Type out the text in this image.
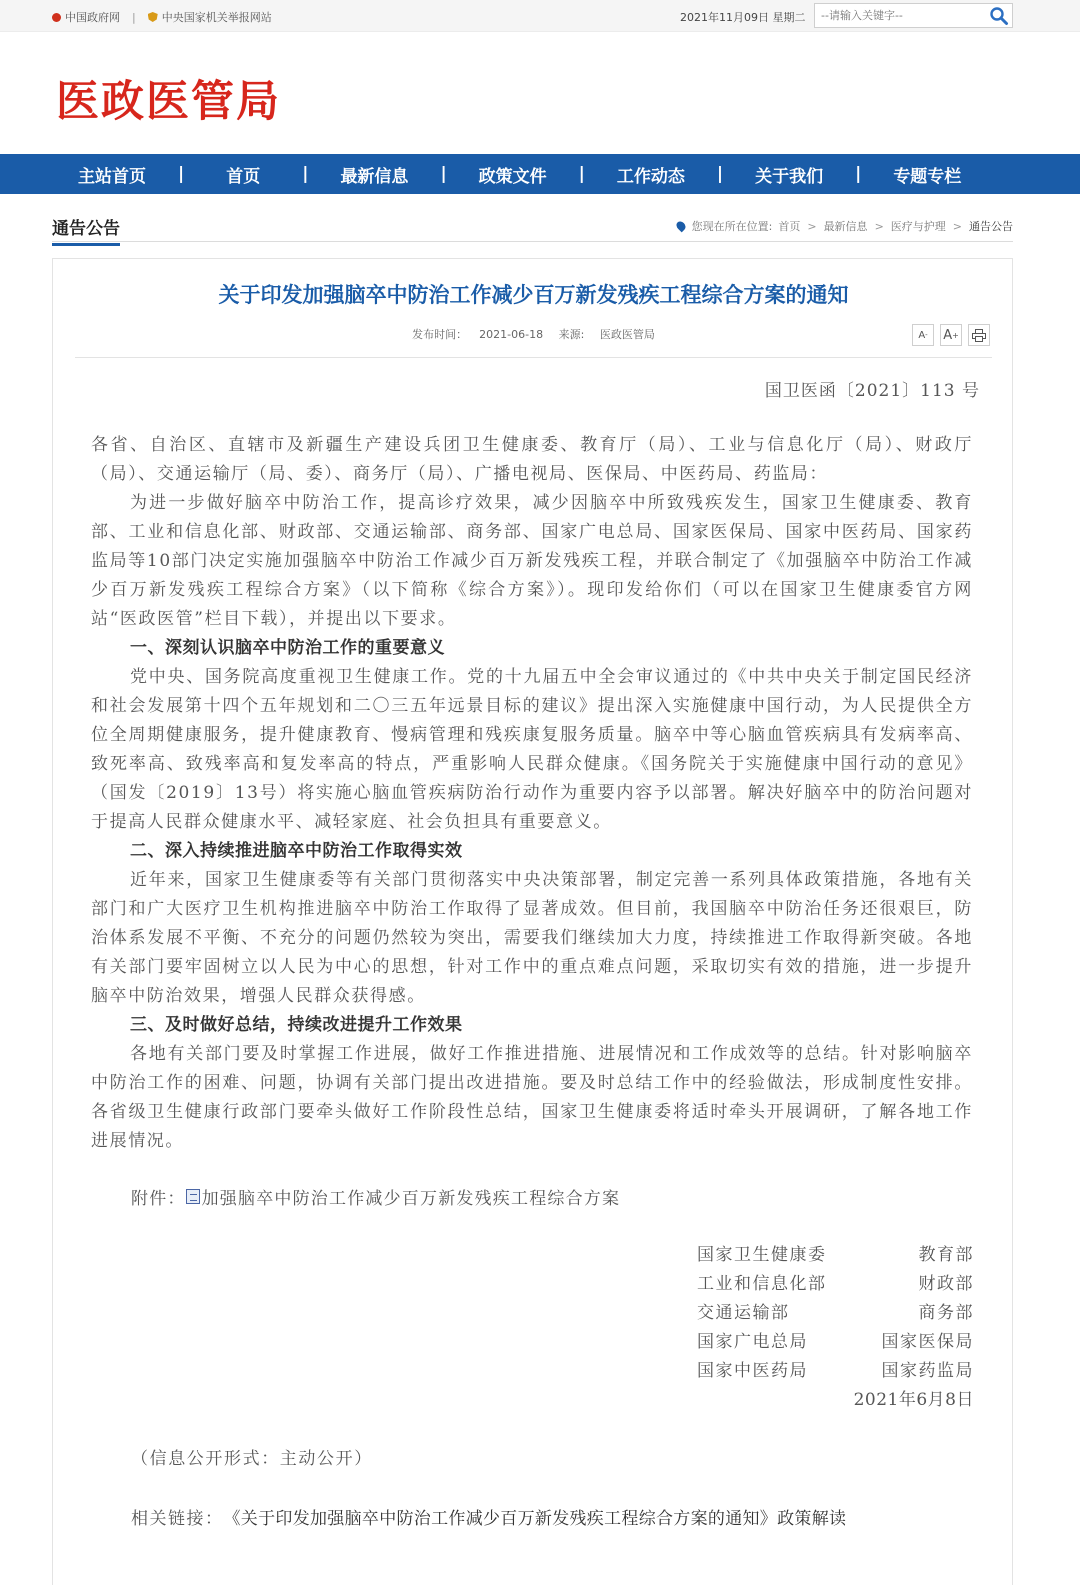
中国政府网 | 中央国家机关举报网站	2021年11月09日 星期二
--请输入关键字--
医政医管局
主站首页	|	首页	|	最新信息	|	政策文件	|	工作动态	|	关于我们	|	专题专栏
通告公告	您现在所在位置: 首页 > 最新信息 > 医疗与护理 > 通告公告
关于印发加强脑卒中防治工作减少百万新发残疾工程综合方案的通知
发布时间： 2021-06-18 来源: 医政医管局	A - A +
国卫医函〔2021〕113 号

各省、自治区、直辖市及新疆生产建设兵团卫生健康委、教育厅（局）、工业与信息化厅（局）、财政厅（局）、交通运输厅（局、委）、商务厅（局）、广播电视局、医保局、中医药局、药监局：

为进一步做好脑卒中防治工作，提高诊疗效果，减少因脑卒中所致残疾发生，国家卫生健康委、教育部、工业和信息化部、财政部、交通运输部、商务部、国家广电总局、国家医保局、国家中医药局、国家药监局等10部门决定实施加强脑卒中防治工作减少百万新发残疾工程，并联合制定了《加强脑卒中防治工作减少百万新发残疾工程综合方案》（以下简称《综合方案》）。现印发给你们（可以在国家卫生健康委官方网站“医政医管”栏目下载），并提出以下要求。

一、深刻认识脑卒中防治工作的重要意义

党中央、国务院高度重视卫生健康工作。党的十九届五中全会审议通过的《中共中央关于制定国民经济和社会发展第十四个五年规划和二〇三五年远景目标的建议》提出深入实施健康中国行动，为人民提供全方位全周期健康服务，提升健康教育、慢病管理和残疾康复服务质量。脑卒中等心脑血管疾病具有发病率高、致死率高、致残率高和复发率高的特点，严重影响人民群众健康。《国务院关于实施健康中国行动的意见》（国发〔2019〕13号）将实施心脑血管疾病防治行动作为重要内容予以部署。解决好脑卒中的防治问题对于提高人民群众健康水平、减轻家庭、社会负担具有重要意义。

二、深入持续推进脑卒中防治工作取得实效

近年来，国家卫生健康委等有关部门贯彻落实中央决策部署，制定完善一系列具体政策措施，各地有关部门和广大医疗卫生机构推进脑卒中防治工作取得了显著成效。但目前，我国脑卒中防治任务还很艰巨，防治体系发展不平衡、不充分的问题仍然较为突出，需要我们继续加大力度，持续推进工作取得新突破。各地有关部门要牢固树立以人民为中心的思想，针对工作中的重点难点问题，采取切实有效的措施，进一步提升脑卒中防治效果，增强人民群众获得感。

三、及时做好总结，持续改进提升工作效果

各地有关部门要及时掌握工作进展，做好工作推进措施、进展情况和工作成效等的总结。针对影响脑卒中防治工作的困难、问题，协调有关部门提出改进措施。要及时总结工作中的经验做法，形成制度性安排。各省级卫生健康行政部门要牵头做好工作阶段性总结，国家卫生健康委将适时牵头开展调研，了解各地工作进展情况。

附件： 加强脑卒中防治工作减少百万新发残疾工程综合方案
国家卫生健康委	教育部
工业和信息化部	财政部
交通运输部	商务部
国家广电总局	国家医保局
国家中医药局	国家药监局
2021年6月8日
（信息公开形式：主动公开）
相关链接： 《关于印发加强脑卒中防治工作减少百万新发残疾工程综合方案的通知》政策解读
